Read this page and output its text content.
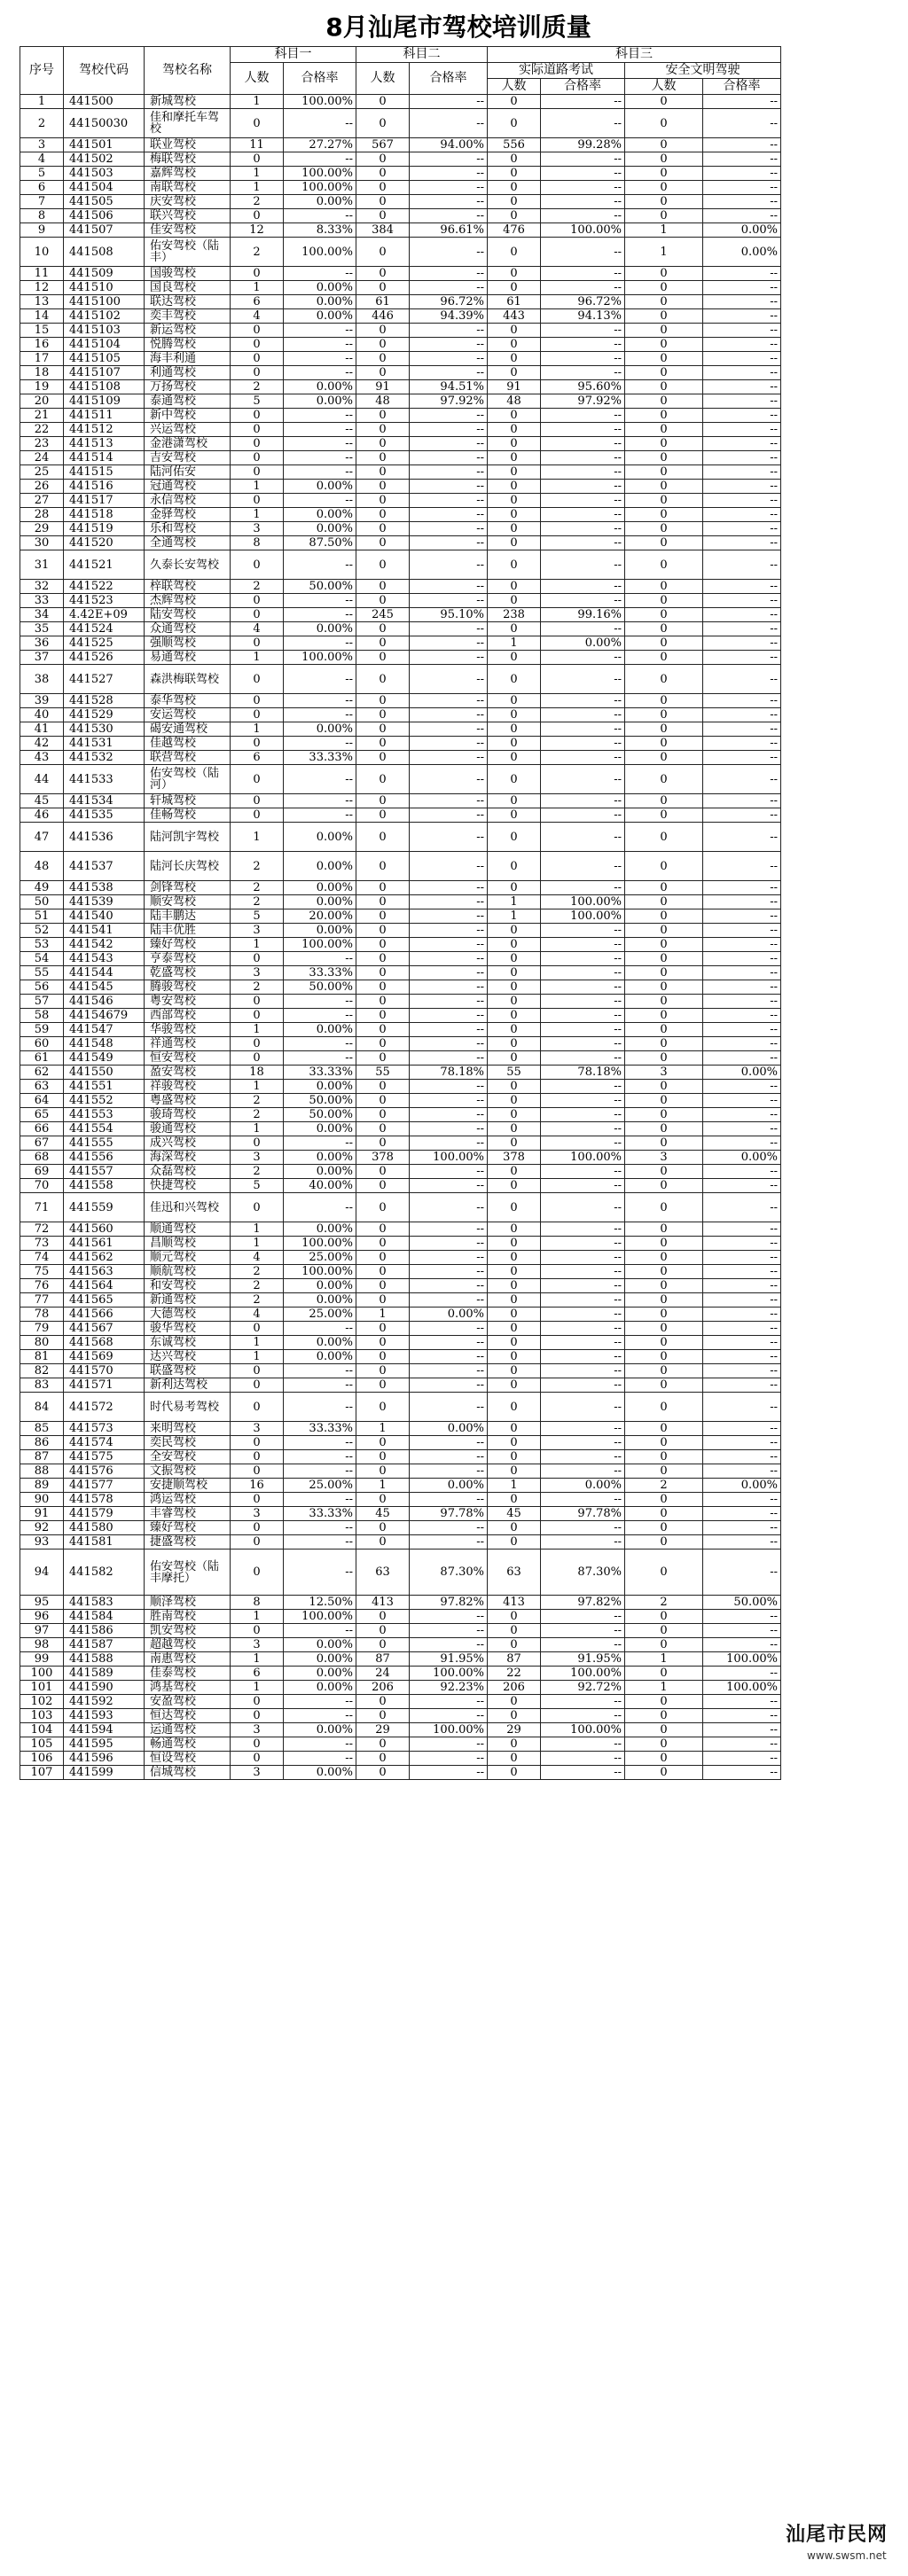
8月汕尾市驾校培训质量
序号	驾校代码	驾校名称	科目一		科目二		科目三				
			人数	合格率	人数	合格率	实际道路考试		安全文明驾驶		
							人数	合格率	人数	合格率	
1	441500	新城驾校	1	100.00%	0	--	0	--	0	--	
2	44150030	佳和摩托车驾校	0	--	0	--	0	--	0	--	
3	441501	联业驾校	11	27.27%	567	94.00%	556	99.28%	0	--	
4	441502	梅联驾校	0	--	0	--	0	--	0	--	
5	441503	嘉辉驾校	1	100.00%	0	--	0	--	0	--	
6	441504	南联驾校	1	100.00%	0	--	0	--	0	--	
7	441505	庆安驾校	2	0.00%	0	--	0	--	0	--	
8	441506	联兴驾校	0	--	0	--	0	--	0	--	
9	441507	佳安驾校	12	8.33%	384	96.61%	476	100.00%	1	0.00%	
10	441508	佑安驾校（陆丰）	2	100.00%	0	--	0	--	1	0.00%	
11	441509	国骏驾校	0	--	0	--	0	--	0	--	
12	441510	国良驾校	1	0.00%	0	--	0	--	0	--	
13	4415100	联达驾校	6	0.00%	61	96.72%	61	96.72%	0	--	
14	4415102	奕丰驾校	4	0.00%	446	94.39%	443	94.13%	0	--	
15	4415103	新运驾校	0	--	0	--	0	--	0	--	
16	4415104	悦腾驾校	0	--	0	--	0	--	0	--	
17	4415105	海丰利通	0	--	0	--	0	--	0	--	
18	4415107	利通驾校	0	--	0	--	0	--	0	--	
19	4415108	万扬驾校	2	0.00%	91	94.51%	91	95.60%	0	--	
20	4415109	泰通驾校	5	0.00%	48	97.92%	48	97.92%	0	--	
21	441511	新中驾校	0	--	0	--	0	--	0	--	
22	441512	兴运驾校	0	--	0	--	0	--	0	--	
23	441513	金港潇驾校	0	--	0	--	0	--	0	--	
24	441514	吉安驾校	0	--	0	--	0	--	0	--	
25	441515	陆河佑安	0	--	0	--	0	--	0	--	
26	441516	冠通驾校	1	0.00%	0	--	0	--	0	--	
27	441517	永信驾校	0	--	0	--	0	--	0	--	
28	441518	金驿驾校	1	0.00%	0	--	0	--	0	--	
29	441519	乐和驾校	3	0.00%	0	--	0	--	0	--	
30	441520	全通驾校	8	87.50%	0	--	0	--	0	--	
31	441521	久泰长安驾校	0	--	0	--	0	--	0	--	
32	441522	梓联驾校	2	50.00%	0	--	0	--	0	--	
33	441523	杰辉驾校	0	--	0	--	0	--	0	--	
34	4.42E+09	陆安驾校	0	--	245	95.10%	238	99.16%	0	--	
35	441524	众通驾校	4	0.00%	0	--	0	--	0	--	
36	441525	强顺驾校	0	--	0	--	1	0.00%	0	--	
37	441526	易通驾校	1	100.00%	0	--	0	--	0	--	
38	441527	森洪梅联驾校	0	--	0	--	0	--	0	--	
39	441528	泰华驾校	0	--	0	--	0	--	0	--	
40	441529	安运驾校	0	--	0	--	0	--	0	--	
41	441530	碣安通驾校	1	0.00%	0	--	0	--	0	--	
42	441531	佳越驾校	0	--	0	--	0	--	0	--	
43	441532	联营驾校	6	33.33%	0	--	0	--	0	--	
44	441533	佑安驾校（陆河）	0	--	0	--	0	--	0	--	
45	441534	轩城驾校	0	--	0	--	0	--	0	--	
46	441535	佳畅驾校	0	--	0	--	0	--	0	--	
47	441536	陆河凯宇驾校	1	0.00%	0	--	0	--	0	--	
48	441537	陆河长庆驾校	2	0.00%	0	--	0	--	0	--	
49	441538	剑锋驾校	2	0.00%	0	--	0	--	0	--	
50	441539	顺安驾校	2	0.00%	0	--	1	100.00%	0	--	
51	441540	陆丰鹏达	5	20.00%	0	--	1	100.00%	0	--	
52	441541	陆丰优胜	3	0.00%	0	--	0	--	0	--	
53	441542	臻好驾校	1	100.00%	0	--	0	--	0	--	
54	441543	亨泰驾校	0	--	0	--	0	--	0	--	
55	441544	乾盛驾校	3	33.33%	0	--	0	--	0	--	
56	441545	腾骏驾校	2	50.00%	0	--	0	--	0	--	
57	441546	粤安驾校	0	--	0	--	0	--	0	--	
58	44154679	西部驾校	0	--	0	--	0	--	0	--	
59	441547	华骏驾校	1	0.00%	0	--	0	--	0	--	
60	441548	祥通驾校	0	--	0	--	0	--	0	--	
61	441549	恒安驾校	0	--	0	--	0	--	0	--	
62	441550	盈安驾校	18	33.33%	55	78.18%	55	78.18%	3	0.00%	
63	441551	祥骏驾校	1	0.00%	0	--	0	--	0	--	
64	441552	粤盛驾校	2	50.00%	0	--	0	--	0	--	
65	441553	骏琦驾校	2	50.00%	0	--	0	--	0	--	
66	441554	骏通驾校	1	0.00%	0	--	0	--	0	--	
67	441555	成兴驾校	0	--	0	--	0	--	0	--	
68	441556	海深驾校	3	0.00%	378	100.00%	378	100.00%	3	0.00%	
69	441557	众磊驾校	2	0.00%	0	--	0	--	0	--	
70	441558	快捷驾校	5	40.00%	0	--	0	--	0	--	
71	441559	佳迅和兴驾校	0	--	0	--	0	--	0	--	
72	441560	顺通驾校	1	0.00%	0	--	0	--	0	--	
73	441561	昌顺驾校	1	100.00%	0	--	0	--	0	--	
74	441562	顺元驾校	4	25.00%	0	--	0	--	0	--	
75	441563	顺航驾校	2	100.00%	0	--	0	--	0	--	
76	441564	和安驾校	2	0.00%	0	--	0	--	0	--	
77	441565	新通驾校	2	0.00%	0	--	0	--	0	--	
78	441566	大德驾校	4	25.00%	1	0.00%	0	--	0	--	
79	441567	骏华驾校	0	--	0	--	0	--	0	--	
80	441568	东诚驾校	1	0.00%	0	--	0	--	0	--	
81	441569	达兴驾校	1	0.00%	0	--	0	--	0	--	
82	441570	联盛驾校	0	--	0	--	0	--	0	--	
83	441571	新利达驾校	0	--	0	--	0	--	0	--	
84	441572	时代易考驾校	0	--	0	--	0	--	0	--	
85	441573	来明驾校	3	33.33%	1	0.00%	0	--	0	--	
86	441574	奕民驾校	0	--	0	--	0	--	0	--	
87	441575	全安驾校	0	--	0	--	0	--	0	--	
88	441576	文振驾校	0	--	0	--	0	--	0	--	
89	441577	安捷顺驾校	16	25.00%	1	0.00%	1	0.00%	2	0.00%	
90	441578	鸿运驾校	0	--	0	--	0	--	0	--	
91	441579	丰睿驾校	3	33.33%	45	97.78%	45	97.78%	0	--	
92	441580	臻好驾校	0	--	0	--	0	--	0	--	
93	441581	捷盛驾校	0	--	0	--	0	--	0	--	
94	441582	佑安驾校（陆丰摩托）	0	--	63	87.30%	63	87.30%	0	--	
95	441583	顺泽驾校	8	12.50%	413	97.82%	413	97.82%	2	50.00%	
96	441584	胜南驾校	1	100.00%	0	--	0	--	0	--	
97	441586	凯安驾校	0	--	0	--	0	--	0	--	
98	441587	超越驾校	3	0.00%	0	--	0	--	0	--	
99	441588	南惠驾校	1	0.00%	87	91.95%	87	91.95%	1	100.00%	
100	441589	佳泰驾校	6	0.00%	24	100.00%	22	100.00%	0	--	
101	441590	鸿基驾校	1	0.00%	206	92.23%	206	92.72%	1	100.00%	
102	441592	安盈驾校	0	--	0	--	0	--	0	--	
103	441593	恒达驾校	0	--	0	--	0	--	0	--	
104	441594	运通驾校	3	0.00%	29	100.00%	29	100.00%	0	--	
105	441595	畅通驾校	0	--	0	--	0	--	0	--	
106	441596	恒设驾校	0	--	0	--	0	--	0	--	
107	441599	信城驾校	3	0.00%	0	--	0	--	0	--	
汕尾市民网
www.swsm.net
